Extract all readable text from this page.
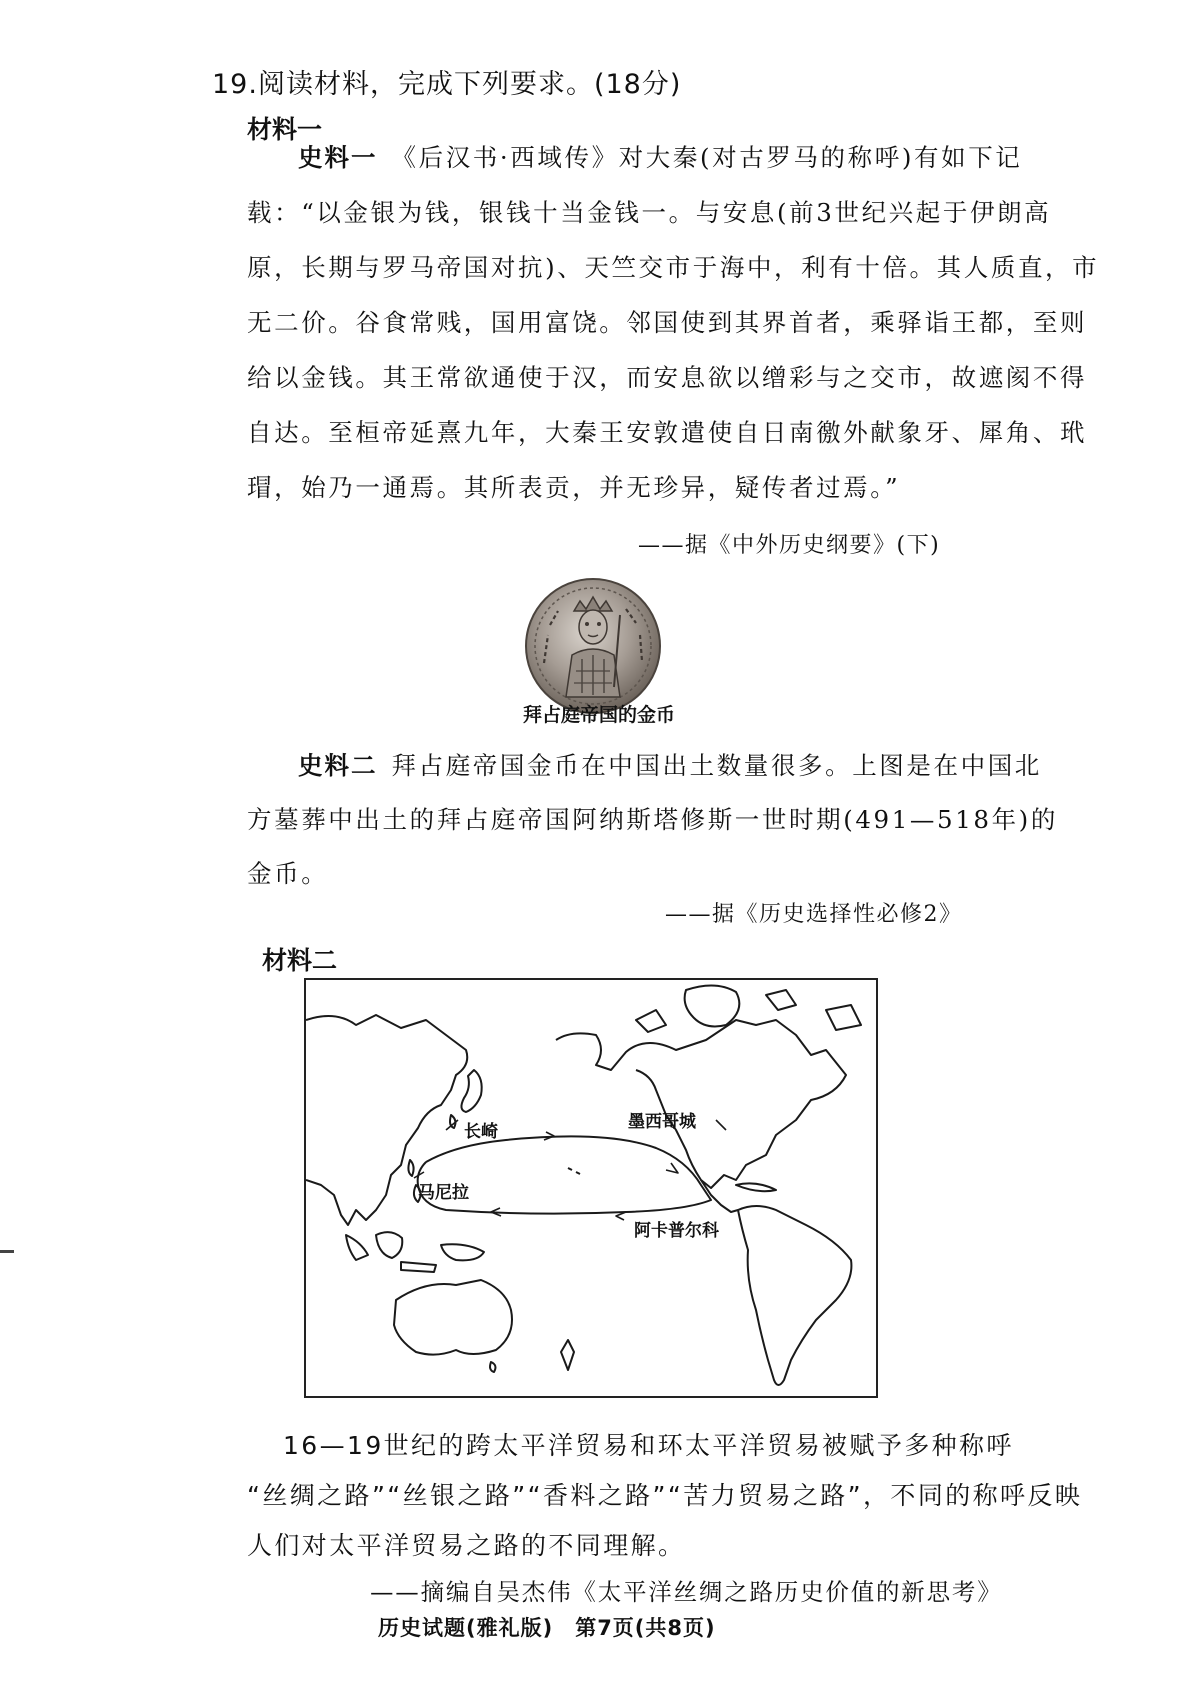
19.阅读材料，完成下列要求。(18分)
材料一
史料一 《后汉书·西域传》对大秦(对古罗马的称呼)有如下记
载：“以金银为钱，银钱十当金钱一。与安息(前3世纪兴起于伊朗高
原，长期与罗马帝国对抗)、天竺交市于海中，利有十倍。其人质直，市
无二价。谷食常贱，国用富饶。邻国使到其界首者，乘驿诣王都，至则
给以金钱。其王常欲通使于汉，而安息欲以缯彩与之交市，故遮阂不得
自达。至桓帝延熹九年，大秦王安敦遣使自日南徼外献象牙、犀角、玳
瑁，始乃一通焉。其所表贡，并无珍异，疑传者过焉。”
——据《中外历史纲要》(下)
拜占庭帝国的金币
史料二 拜占庭帝国金币在中国出土数量很多。上图是在中国北
方墓葬中出土的拜占庭帝国阿纳斯塔修斯一世时期(491—518年)的
金币。
——据《历史选择性必修2》
材料二
长崎	墨西哥城
马尼拉
阿卡普尔科
16—19世纪的跨太平洋贸易和环太平洋贸易被赋予多种称呼
“丝绸之路”“丝银之路”“香料之路”“苦力贸易之路”，不同的称呼反映
人们对太平洋贸易之路的不同理解。
——摘编自吴杰伟《太平洋丝绸之路历史价值的新思考》
历史试题(雅礼版)　第7页(共8页)
